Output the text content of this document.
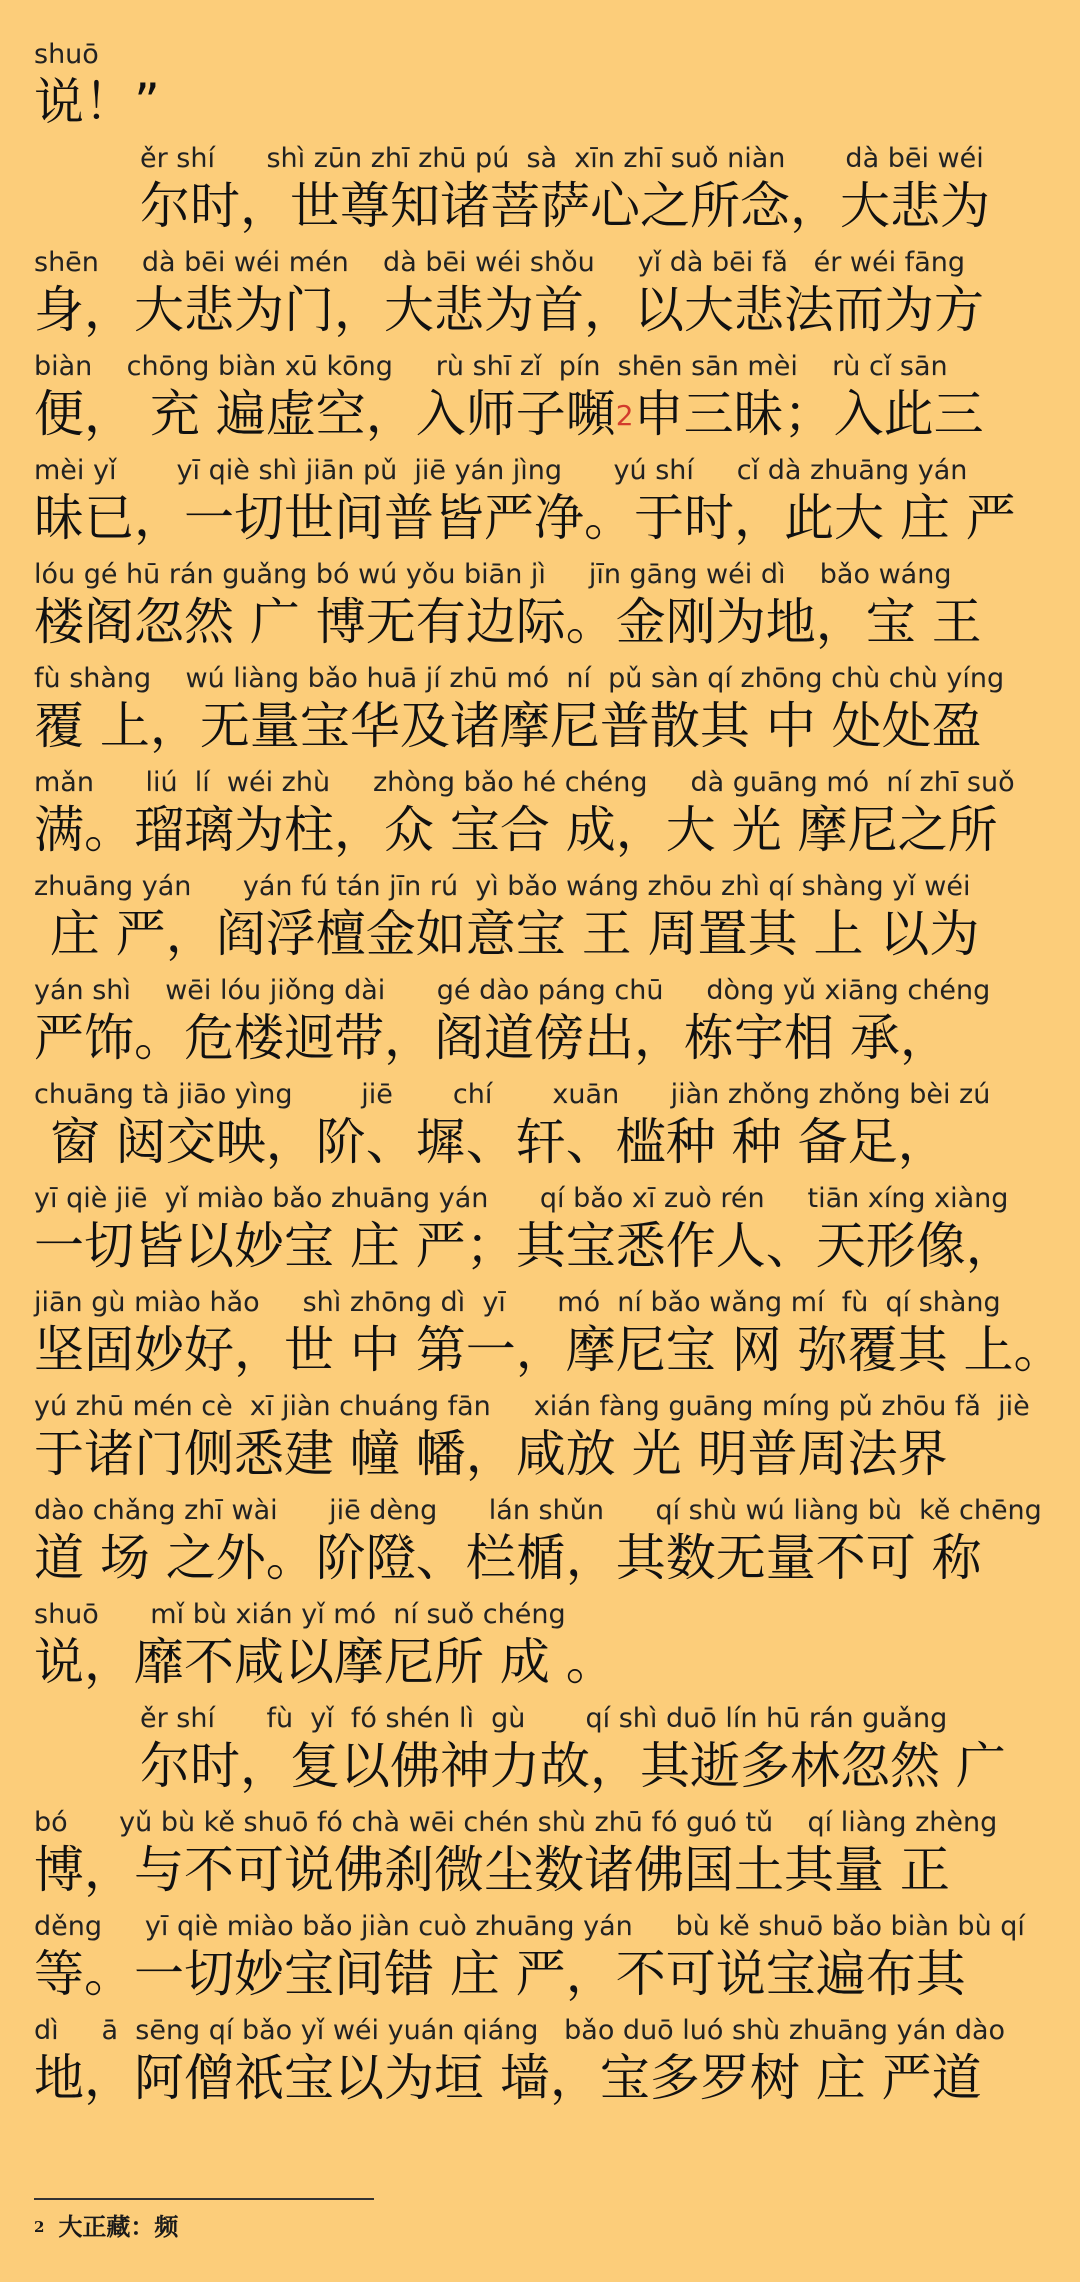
shuō
说！”
ěr shí      shì zūn zhī zhū pú  sà  xīn zhī suǒ niàn       dà bēi wéi
尔时，世尊知诸菩萨心之所念，大悲为
shēn     dà bēi wéi mén    dà bēi wéi shǒu     yǐ dà bēi fǎ   ér wéi fāng
身，大悲为门，大悲为首，以大悲法而为方
biàn    chōng biàn xū kōng     rù shī zǐ  pín  shēn sān mèi    rù cǐ sān
便， 充 遍虚空，入师子嚬$^2$申三昧；入此三
mèi yǐ       yī qiè shì jiān pǔ  jiē yán jìng      yú shí     cǐ dà zhuāng yán
昧已，一切世间普皆严净。于时，此大 庄 严
lóu gé hū rán guǎng bó wú yǒu biān jì     jīn gāng wéi dì    bǎo wáng
楼阁忽然 广 博无有边际。金刚为地，宝 王
fù shàng    wú liàng bǎo huā jí zhū mó  ní  pǔ sàn qí zhōng chù chù yíng
覆 上，无量宝华及诸摩尼普散其 中 处处盈
mǎn      liú  lí  wéi zhù     zhòng bǎo hé chéng     dà guāng mó  ní zhī suǒ
满。瑠璃为柱，众 宝合 成，大 光 摩尼之所
zhuāng yán      yán fú tán jīn rú  yì bǎo wáng zhōu zhì qí shàng yǐ wéi
庄 严，阎浮檀金如意宝 王 周置其 上 以为
yán shì    wēi lóu jiǒng dài      gé dào páng chū     dòng yǔ xiāng chéng
严饰。危楼迥带，阁道傍出，栋宇相 承，
chuāng tà jiāo yìng        jiē       chí       xuān      jiàn zhǒng zhǒng bèi zú
窗 闼交映，阶、墀、轩、槛种 种 备足，
yī qiè jiē  yǐ miào bǎo zhuāng yán      qí bǎo xī zuò rén     tiān xíng xiàng
一切皆以妙宝 庄 严；其宝悉作人、天形像，
jiān gù miào hǎo     shì zhōng dì  yī      mó  ní bǎo wǎng mí  fù  qí shàng
坚固妙好，世 中 第一，摩尼宝 网 弥覆其 上。
yú zhū mén cè  xī jiàn chuáng fān     xián fàng guāng míng pǔ zhōu fǎ  jiè
于诸门侧悉建 幢 幡，咸放 光 明普周法界
dào chǎng zhī wài      jiē dèng      lán shǔn      qí shù wú liàng bù  kě chēng
道 场 之外。阶隥、栏楯，其数无量不可 称
shuō      mǐ bù xián yǐ mó  ní suǒ chéng
说，靡不咸以摩尼所 成 。
ěr shí      fù  yǐ  fó shén lì  gù       qí shì duō lín hū rán guǎng
尔时，复以佛神力故，其逝多林忽然 广
bó      yǔ bù kě shuō fó chà wēi chén shù zhū fó guó tǔ    qí liàng zhèng
博，与不可说佛刹微尘数诸佛国土其量 正
děng     yī qiè miào bǎo jiàn cuò zhuāng yán     bù kě shuō bǎo biàn bù qí
等。一切妙宝间错 庄 严，不可说宝遍布其
dì     ā  sēng qí bǎo yǐ wéi yuán qiáng   bǎo duō luó shù zhuāng yán dào
地，阿僧祇宝以为垣 墙，宝多罗树 庄 严道
$^2$ 大正藏：频
